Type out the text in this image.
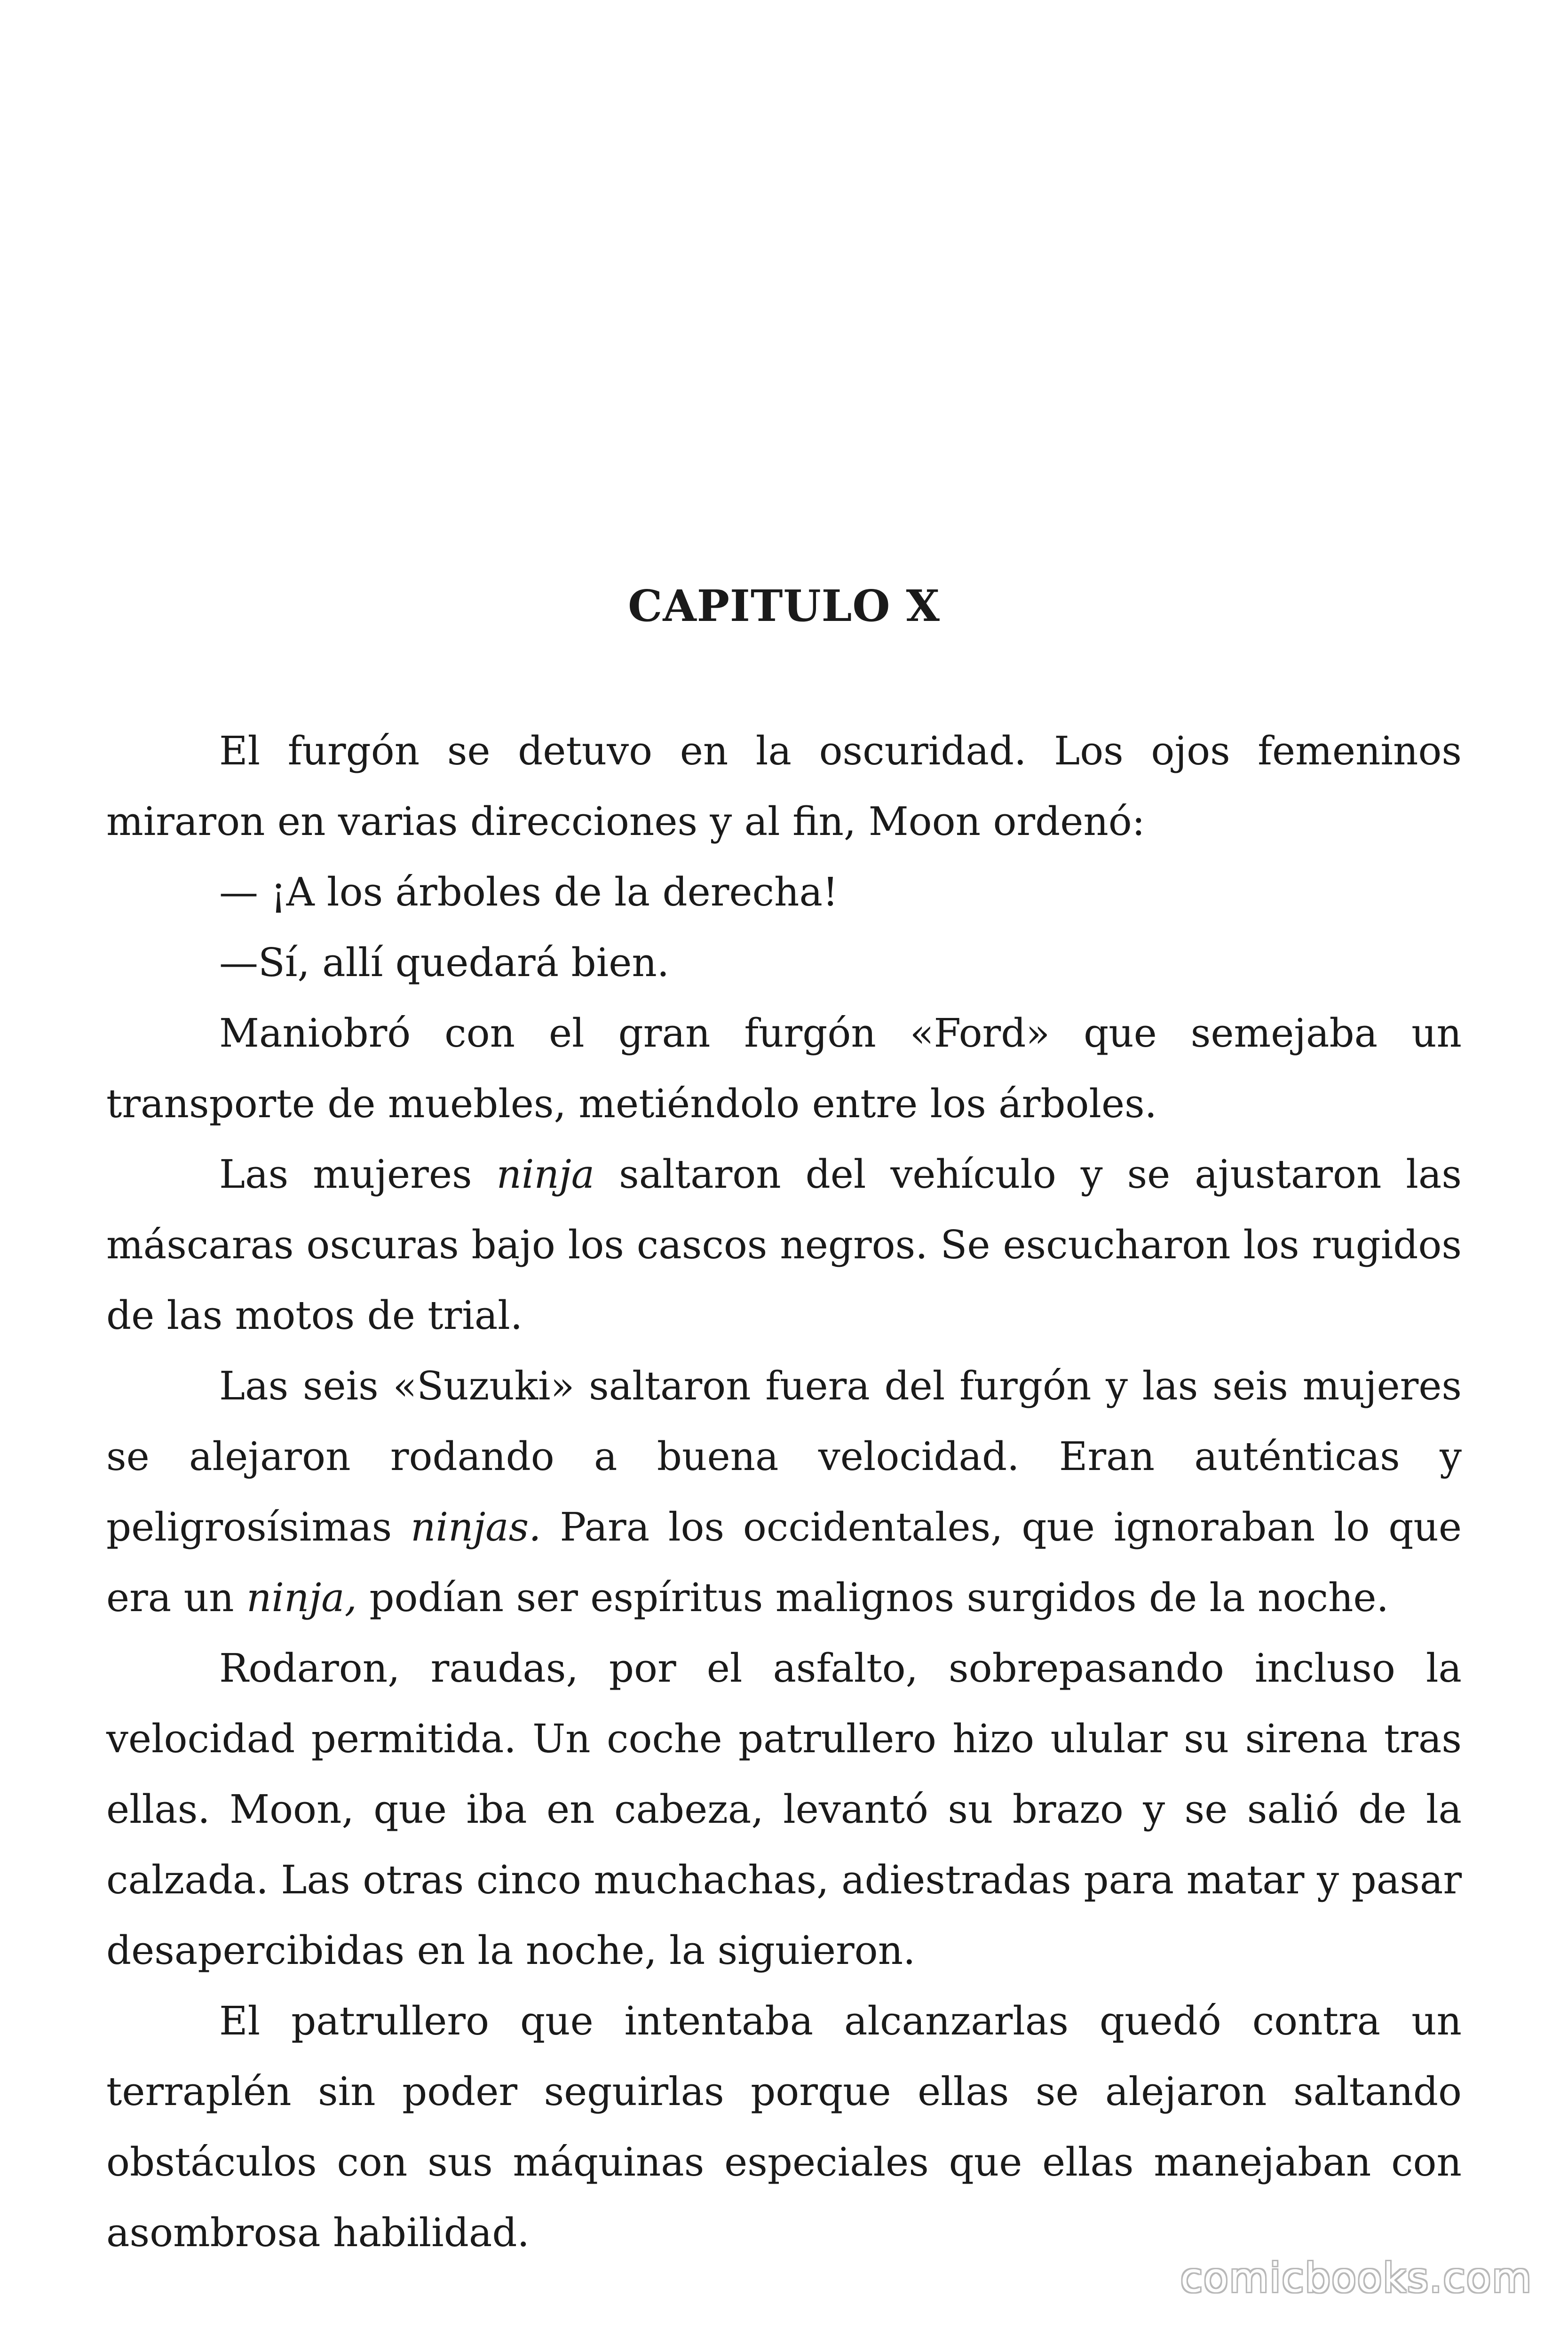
CAPITULO X

El furgón se detuvo en la oscuridad. Los ojos femeninos miraron en varias direcciones y al fin, Moon ordenó:

— ¡A los árboles de la derecha!

—Sí, allí quedará bien.

Maniobró con el gran furgón «Ford» que semejaba un transporte de muebles, metiéndolo entre los árboles.

Las mujeres ninja saltaron del vehículo y se ajustaron las máscaras oscuras bajo los cascos negros. Se escucharon los rugidos de las motos de trial.

Las seis «Suzuki» saltaron fuera del furgón y las seis mujeres se alejaron rodando a buena velocidad. Eran auténticas y peligrosísimas ninjas. Para los occidentales, que ignoraban lo que era un ninja, podían ser espíritus malignos surgidos de la noche.

Rodaron, raudas, por el asfalto, sobrepasando incluso la velocidad permitida. Un coche patrullero hizo ulular su sirena tras ellas. Moon, que iba en cabeza, levantó su brazo y se salió de la calzada. Las otras cinco muchachas, adiestradas para matar y pasar desapercibidas en la noche, la siguieron.

El patrullero que intentaba alcanzarlas quedó contra un terraplén sin poder seguirlas porque ellas se alejaron saltando obstáculos con sus máquinas especiales que ellas manejaban con asombrosa habilidad.

comicbooks.com
